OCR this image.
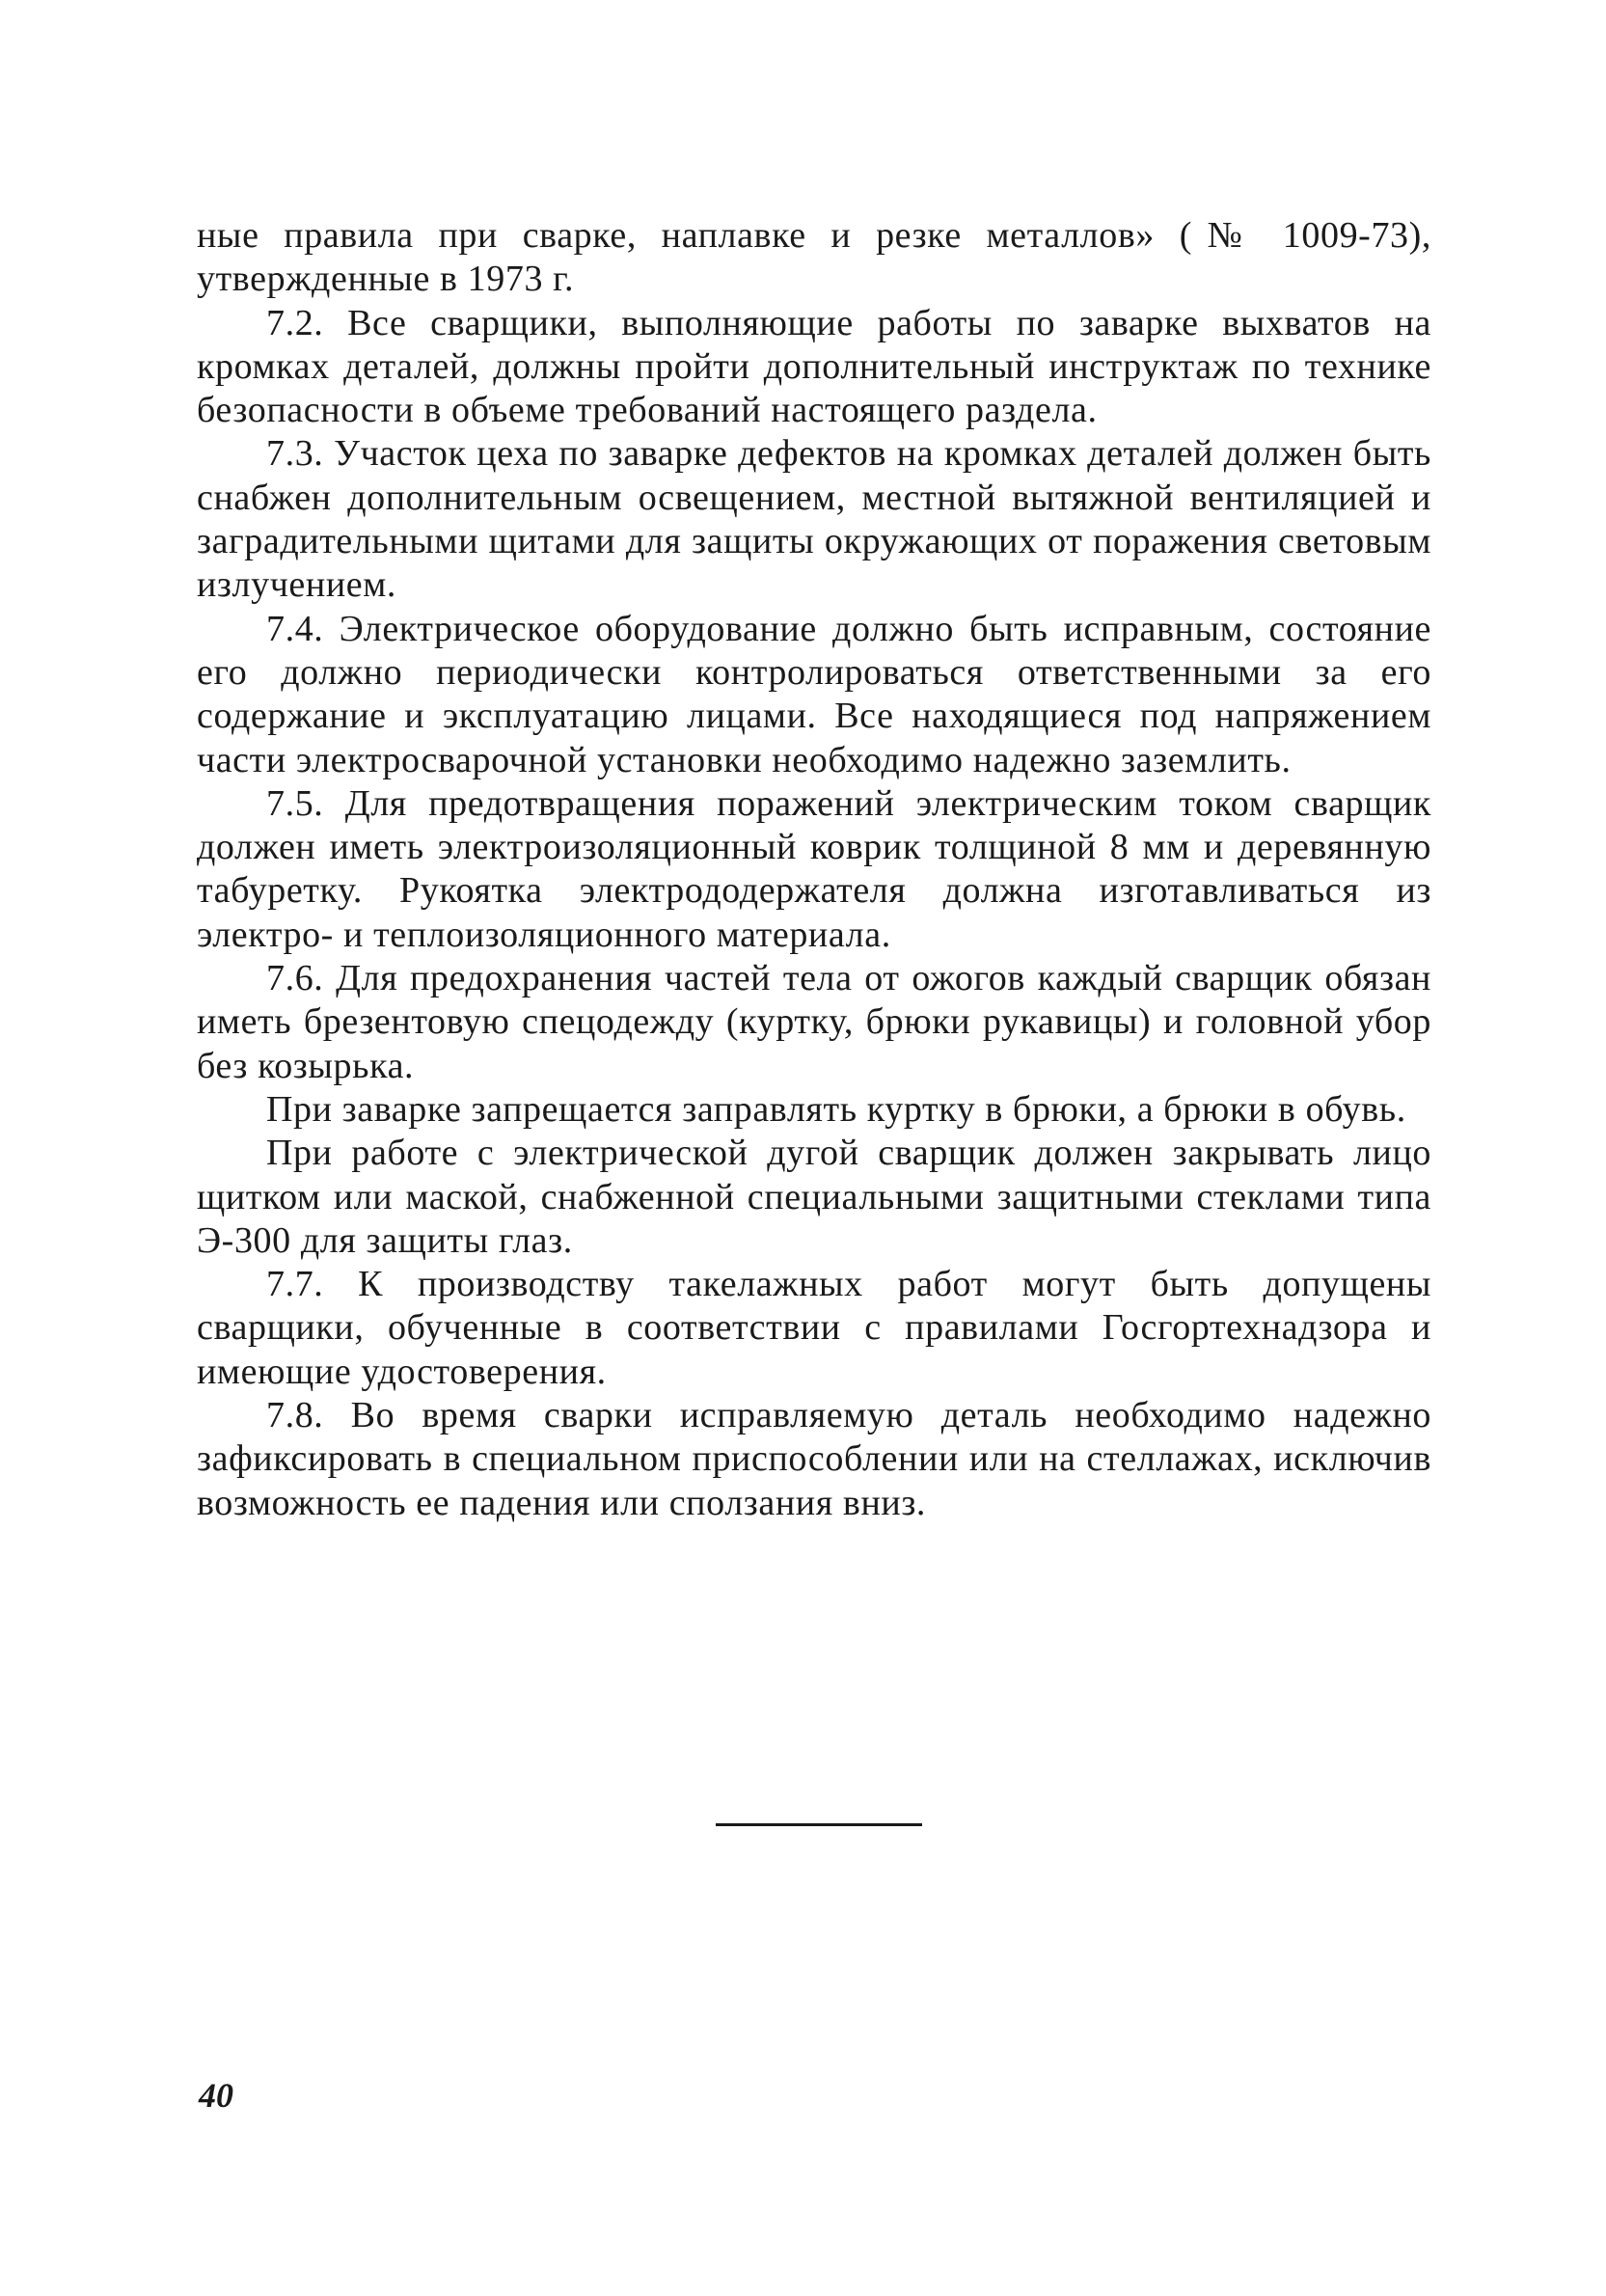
ные правила при сварке, наплавке и резке металлов» (№ 1009-73), утвержденные в 1973 г.

7.2. Все сварщики, выполняющие работы по заварке выхватов на кромках деталей, должны пройти дополнительный инструктаж по технике безопасности в объеме требований настоящего раздела.

7.3. Участок цеха по заварке дефектов на кромках деталей должен быть снабжен дополнительным освещением, местной вытяжной вентиляцией и заградительными щитами для защиты окружающих от поражения световым излучением.

7.4. Электрическое оборудование должно быть исправным, состояние его должно периодически контролироваться ответственными за его содержание и эксплуатацию лицами. Все находящиеся под напряжением части электросварочной установки необходимо надежно заземлить.

7.5. Для предотвращения поражений электрическим током сварщик должен иметь электроизоляционный коврик толщиной 8 мм и деревянную табуретку. Рукоятка электрододержателя должна изготавливаться из электро- и теплоизоляционного материала.

7.6. Для предохранения частей тела от ожогов каждый сварщик обязан иметь брезентовую спецодежду (куртку, брюки рукавицы) и головной убор без козырька.

При заварке запрещается заправлять куртку в брюки, а брюки в обувь.

При работе с электрической дугой сварщик должен закрывать лицо щитком или маской, снабженной специальными защитными стеклами типа Э-300 для защиты глаз.

7.7. К производству такелажных работ могут быть допущены сварщики, обученные в соответствии с правилами Госгортехнадзора и имеющие удостоверения.

7.8. Во время сварки исправляемую деталь необходимо надежно зафиксировать в специальном приспособлении или на стеллажах, исключив возможность ее падения или сползания вниз.

40
